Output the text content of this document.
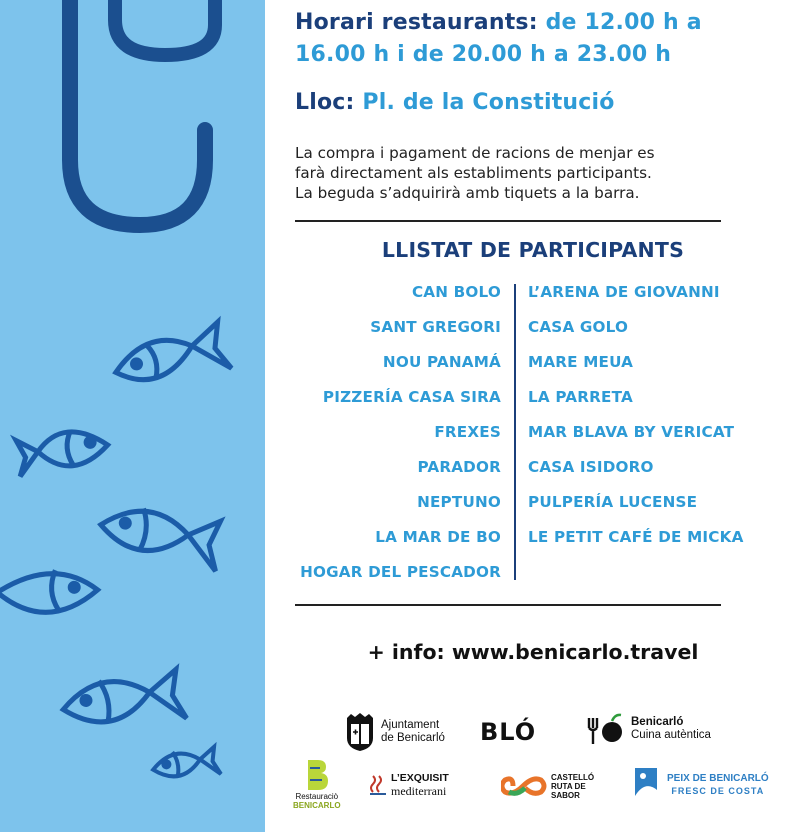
Horari restaurants: de 12.00 h a
16.00 h i de 20.00 h a 23.00 h
Lloc: Pl. de la Constitució
La compra i pagament de racions de menjar es
farà directament als establiments participants.
La beguda s’adquirirà amb tiquets a la barra.
LLISTAT DE PARTICIPANTS
CAN BOLO
SANT GREGORI
NOU PANAMÁ
PIZZERÍA CASA SIRA
FREXES
PARADOR
NEPTUNO
LA MAR DE BO
HOGAR DEL PESCADOR
L’ARENA DE GIOVANNI
CASA GOLO
MARE MEUA
LA PARRETA
MAR BLAVA BY VERICAT
CASA ISIDORO
PULPERÍA LUCENSE
LE PETIT CAFÉ DE MICKA
+ info: www.benicarlo.travel
Ajuntament
de Benicarló BLÓ	Benicarló
Cuina autèntica
Restauraciò
BENICARLO
L’EXQUISIT
mediterrani
CASTELLÓ
RUTA DE
SABOR
PEIX DE BENICARLÓ
FRESC DE COSTA
